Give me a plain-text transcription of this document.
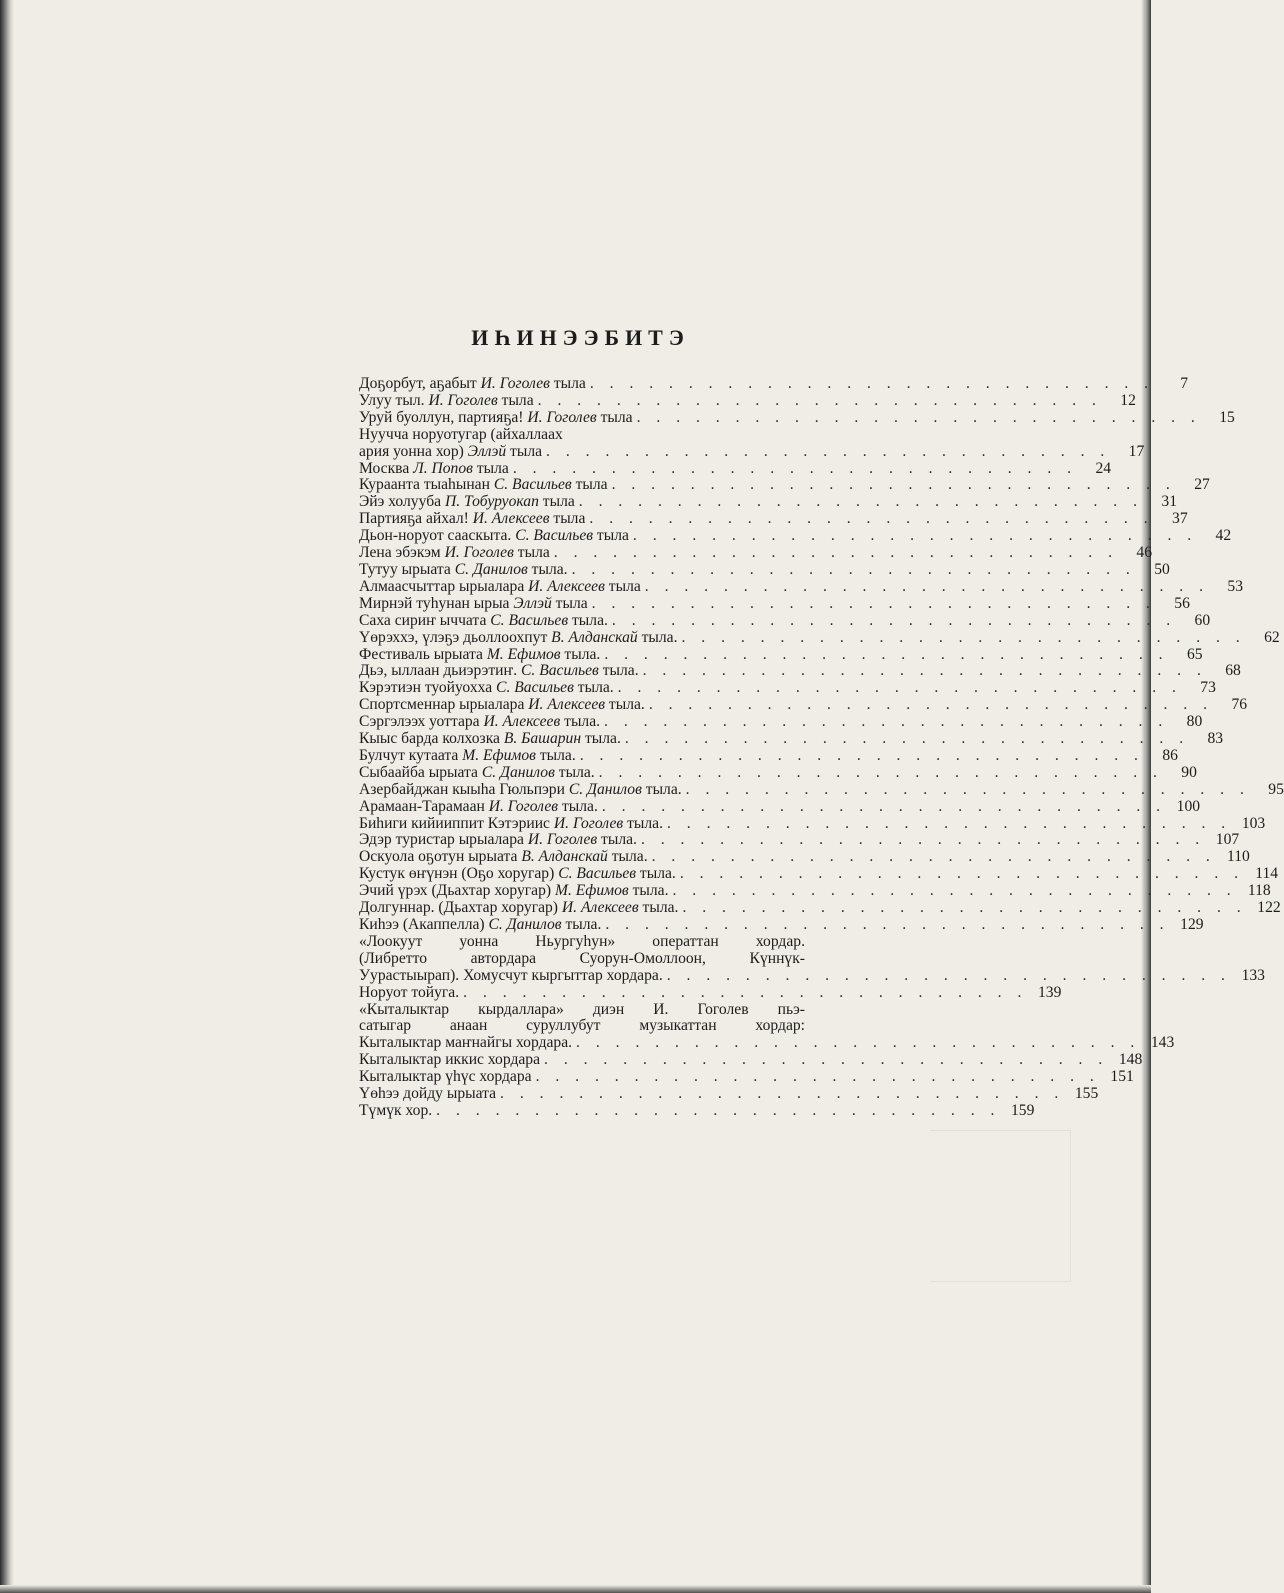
ИҺИНЭЭБИТЭ
Доҕорбут, аҕабыт И. Гоголев тыла . . . . . . . . . . . . . . . . . . . . . . . . . . . . .	7
Улуу тыл. И. Гоголев тыла . . . . . . . . . . . . . . . . . . . . . . . . . . . . .	12
Уруй буоллун, партияҕа! И. Гоголев тыла . . . . . . . . . . . . . . . . . . . . . . . . . . . . .	15
Нуучча норуотугар (айхаллаах
ария уонна хор) Эллэй тыла . . . . . . . . . . . . . . . . . . . . . . . . . . . . .	17
Москва Л. Попов тыла . . . . . . . . . . . . . . . . . . . . . . . . . . . . .	24
Кураанта тыаһынан С. Васильев тыла . . . . . . . . . . . . . . . . . . . . . . . . . . . . .	27
Эйэ холууба П. Тобуруокап тыла . . . . . . . . . . . . . . . . . . . . . . . . . . . . .	31
Партияҕа айхал! И. Алексеев тыла . . . . . . . . . . . . . . . . . . . . . . . . . . . . .	37
Дьон-норуот сааскыта. С. Васильев тыла . . . . . . . . . . . . . . . . . . . . . . . . . . . . .	42
Лена эбэкэм И. Гоголев тыла . . . . . . . . . . . . . . . . . . . . . . . . . . . . .	46
Тутуу ырыата С. Данилов тыла. . . . . . . . . . . . . . . . . . . . . . . . . . . . . .	50
Алмаасчыттар ырыалара И. Алексеев тыла . . . . . . . . . . . . . . . . . . . . . . . . . . . . .	53
Мирнэй туһунан ырыа Эллэй тыла . . . . . . . . . . . . . . . . . . . . . . . . . . . . .	56
Саха сириҥ ыччата С. Васильев тыла. . . . . . . . . . . . . . . . . . . . . . . . . . . . . .	60
Үөрэххэ, үлэҕэ дьоллоохпут В. Алданскай тыла. . . . . . . . . . . . . . . . . . . . . . . . . . . . . .	62
Фестиваль ырыата М. Ефимов тыла. . . . . . . . . . . . . . . . . . . . . . . . . . . . . .	65
Дьэ, ыллаан дьиэрэтиҥ. С. Васильев тыла. . . . . . . . . . . . . . . . . . . . . . . . . . . . . .	68
Кэрэтиэн туойуохха С. Васильев тыла. . . . . . . . . . . . . . . . . . . . . . . . . . . . . .	73
Спортсменнар ырыалара И. Алексеев тыла. . . . . . . . . . . . . . . . . . . . . . . . . . . . . .	76
Сэргэлээх уоттара И. Алексеев тыла. . . . . . . . . . . . . . . . . . . . . . . . . . . . . .	80
Кыыс барда колхозка В. Башарин тыла. . . . . . . . . . . . . . . . . . . . . . . . . . . . . .	83
Булчут кутаата М. Ефимов тыла. . . . . . . . . . . . . . . . . . . . . . . . . . . . . .	86
Сыбаайба ырыата С. Данилов тыла. . . . . . . . . . . . . . . . . . . . . . . . . . . . . .	90
Азербайджан кыыһа Гюльпэри С. Данилов тыла. . . . . . . . . . . . . . . . . . . . . . . . . . . . . .	95
Арамаан-Тарамаан И. Гоголев тыла. . . . . . . . . . . . . . . . . . . . . . . . . . . . . . 100
Биһиги кийииппит Кэтэриис И. Гоголев тыла. . . . . . . . . . . . . . . . . . . . . . . . . . . . . . 103
Эдэр туристар ырыалара И. Гоголев тыла. . . . . . . . . . . . . . . . . . . . . . . . . . . . . . 107
Оскуола оҕотун ырыата В. Алданскай тыла. . . . . . . . . . . . . . . . . . . . . . . . . . . . . . 110
Кустук өҥүнэн (Оҕо хоругар) С. Васильев тыла. . . . . . . . . . . . . . . . . . . . . . . . . . . . . . 114
Эчий үрэх (Дьахтар хоругар) М. Ефимов тыла. . . . . . . . . . . . . . . . . . . . . . . . . . . . . . 118
Долгуннар. (Дьахтар хоругар) И. Алексеев тыла. . . . . . . . . . . . . . . . . . . . . . . . . . . . . . 122
Киһээ (Акаппелла) С. Данилов тыла. . . . . . . . . . . . . . . . . . . . . . . . . . . . . . 129
«Лоокуут уонна Ньургуһун» операттан хордар.
(Либретто автордара Суорун-Омоллоон, Күннүк-
Уурастыырап). Хомусчут кыргыттар хордара. . . . . . . . . . . . . . . . . . . . . . . . . . . . . . 133
Норуот тойуга. . . . . . . . . . . . . . . . . . . . . . . . . . . . . . 139
«Кыталыктар кырдаллара» диэн И. Гоголев пьэ-
сатыгар анаан суруллубут музыкаттан хордар:
Кыталыктар маҥнайгы хордара. . . . . . . . . . . . . . . . . . . . . . . . . . . . . . 143
Кыталыктар иккис хордара . . . . . . . . . . . . . . . . . . . . . . . . . . . . . 148
Кыталыктар үһүс хордара . . . . . . . . . . . . . . . . . . . . . . . . . . . . . 151
Үөһээ дойду ырыата . . . . . . . . . . . . . . . . . . . . . . . . . . . . . 155
Түмүк хор. . . . . . . . . . . . . . . . . . . . . . . . . . . . . . 159
